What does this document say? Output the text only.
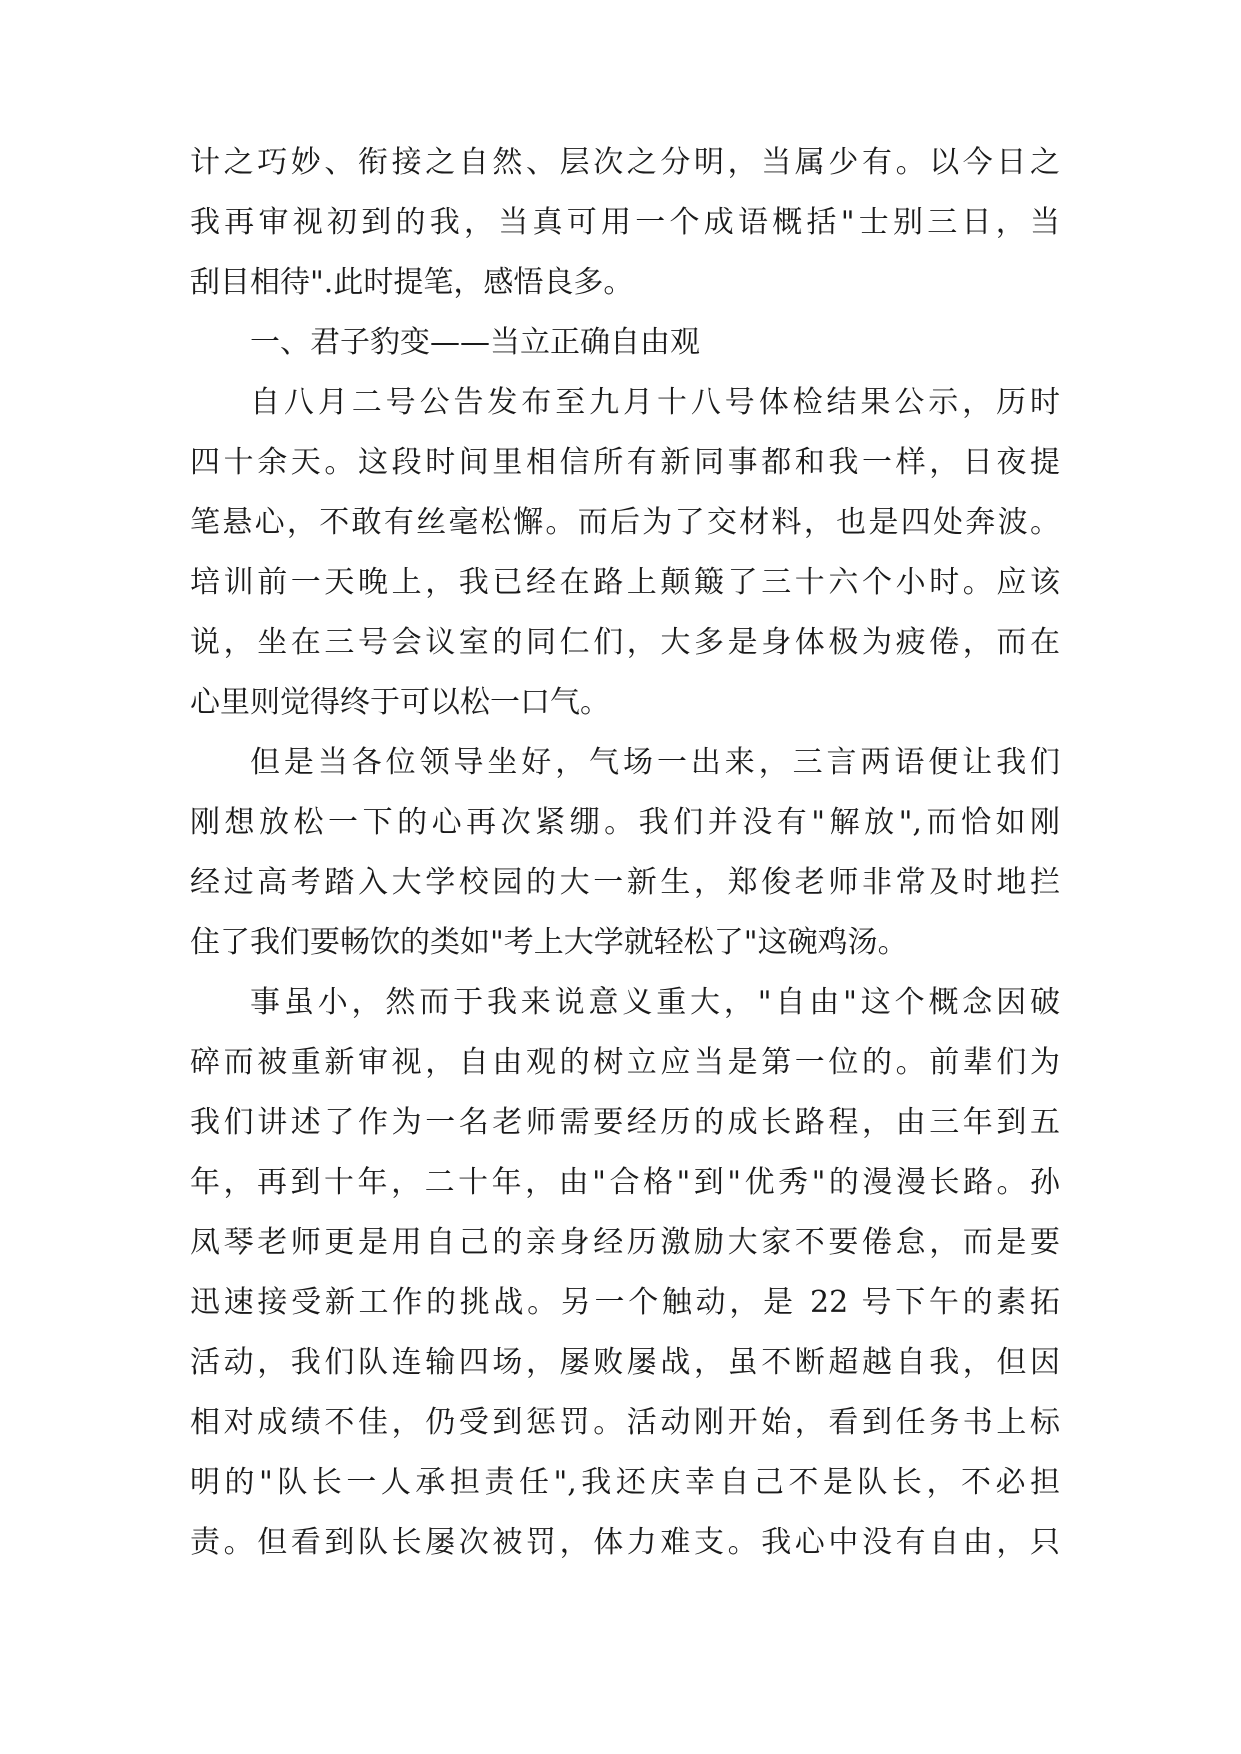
计之巧妙、衔接之自然、层次之分明，当属少有。以今日之
我再审视初到的我，当真可用一个成语概括"士别三日，当
刮目相待".此时提笔，感悟良多。
一、君子豹变——当立正确自由观
自八月二号公告发布至九月十八号体检结果公示，历时
四十余天。这段时间里相信所有新同事都和我一样，日夜提
笔悬心，不敢有丝毫松懈。而后为了交材料，也是四处奔波。
培训前一天晚上，我已经在路上颠簸了三十六个小时。应该
说，坐在三号会议室的同仁们，大多是身体极为疲倦，而在
心里则觉得终于可以松一口气。
但是当各位领导坐好，气场一出来，三言两语便让我们
刚想放松一下的心再次紧绷。我们并没有"解放",而恰如刚
经过高考踏入大学校园的大一新生，郑俊老师非常及时地拦
住了我们要畅饮的类如"考上大学就轻松了"这碗鸡汤。
事虽小，然而于我来说意义重大，"自由"这个概念因破
碎而被重新审视，自由观的树立应当是第一位的。前辈们为
我们讲述了作为一名老师需要经历的成长路程，由三年到五
年，再到十年，二十年，由"合格"到"优秀"的漫漫长路。孙
凤琴老师更是用自己的亲身经历激励大家不要倦怠，而是要
迅速接受新工作的挑战。另一个触动，是 22 号下午的素拓
活动，我们队连输四场，屡败屡战，虽不断超越自我，但因
相对成绩不佳，仍受到惩罚。活动刚开始，看到任务书上标
明的"队长一人承担责任",我还庆幸自己不是队长，不必担
责。但看到队长屡次被罚，体力难支。我心中没有自由，只
